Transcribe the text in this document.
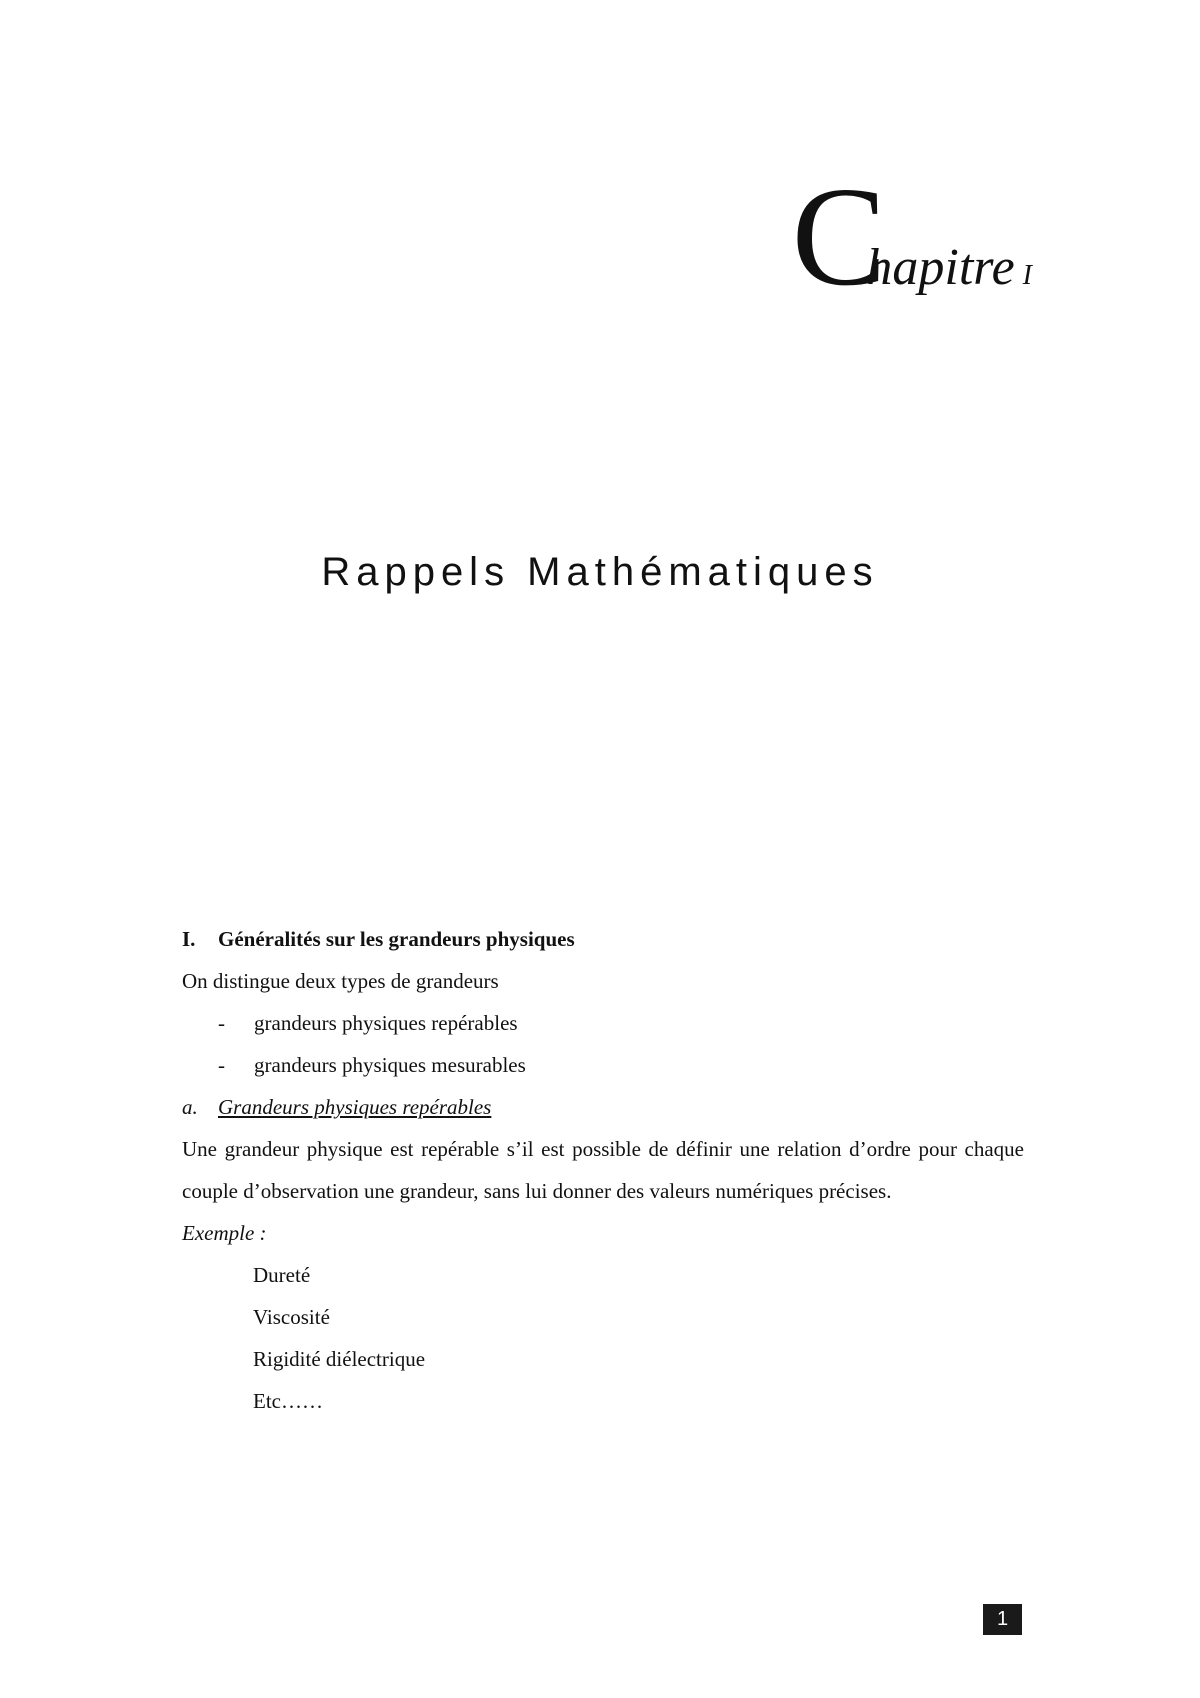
Chapitre I
Rappels Mathématiques
I. Généralités sur les grandeurs physiques

On distingue deux types de grandeurs

- grandeurs physiques repérables
- grandeurs physiques mesurables

a. Grandeurs physiques repérables

Une grandeur physique est repérable s’il est possible de définir une relation d’ordre pour chaque couple d’observation une grandeur, sans lui donner des valeurs numériques précises.

Exemple :

Dureté
Viscosité
Rigidité diélectrique
Etc……
1
